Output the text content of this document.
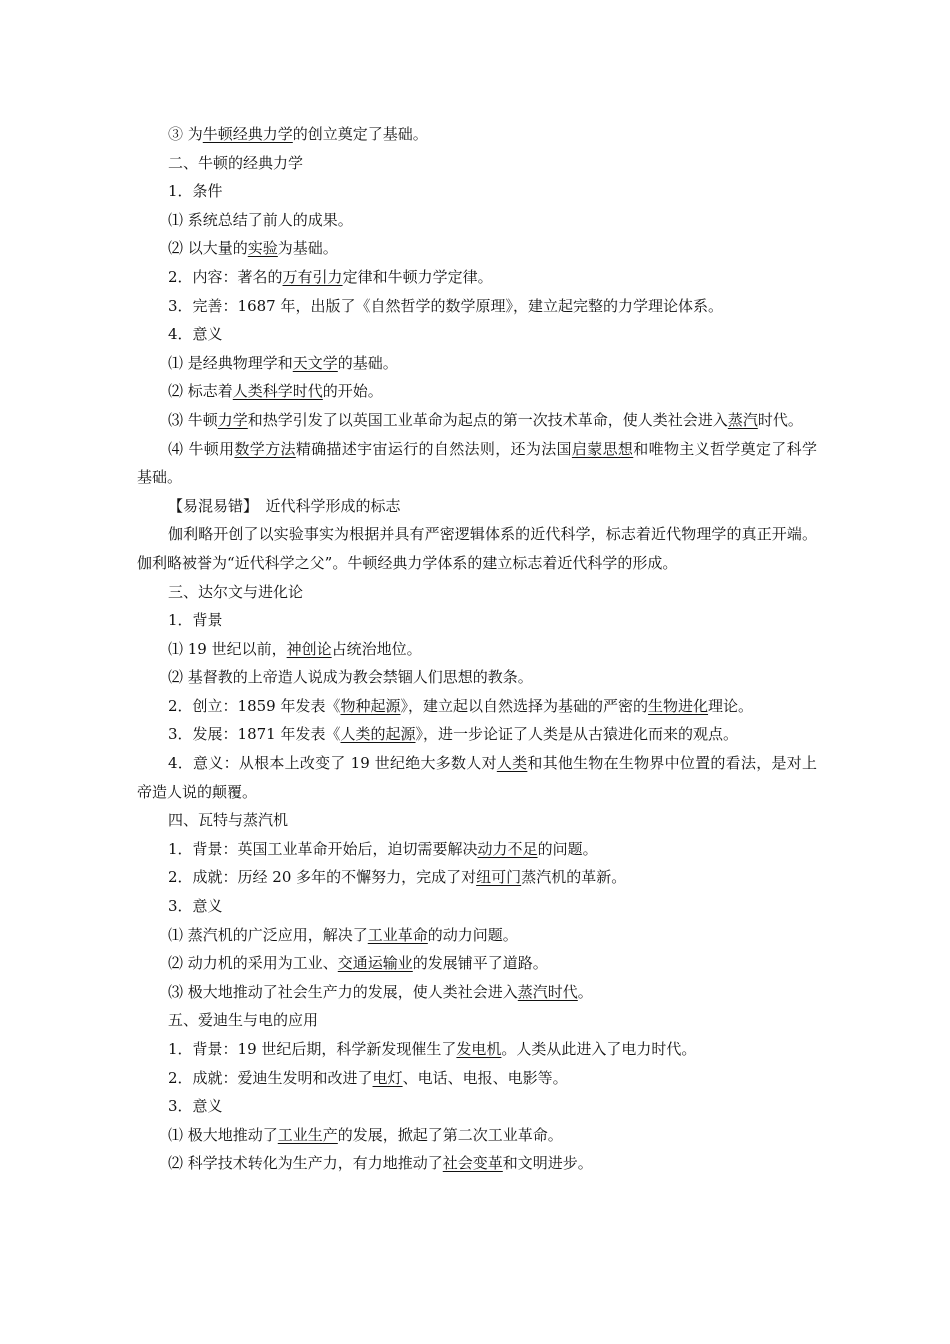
③ 为牛顿经典力学的创立奠定了基础。

二、牛顿的经典力学

1．条件

⑴ 系统总结了前人的成果。

⑵ 以大量的实验为基础。

2．内容：著名的万有引力定律和牛顿力学定律。

3．完善：1687 年，出版了《自然哲学的数学原理》，建立起完整的力学理论体系。

4．意义

⑴ 是经典物理学和天文学的基础。

⑵ 标志着人类科学时代的开始。

⑶ 牛顿力学和热学引发了以英国工业革命为起点的第一次技术革命，使人类社会进入蒸汽时代。

⑷ 牛顿用数学方法精确描述宇宙运行的自然法则，还为法国启蒙思想和唯物主义哲学奠定了科学基础。

【易混易错】　近代科学形成的标志

伽利略开创了以实验事实为根据并具有严密逻辑体系的近代科学，标志着近代物理学的真正开端。伽利略被誉为“近代科学之父”。牛顿经典力学体系的建立标志着近代科学的形成。

三、达尔文与进化论

1．背景

⑴ 19 世纪以前，神创论占统治地位。

⑵ 基督教的上帝造人说成为教会禁锢人们思想的教条。

2．创立：1859 年发表《物种起源》，建立起以自然选择为基础的严密的生物进化理论。

3．发展：1871 年发表《人类的起源》，进一步论证了人类是从古猿进化而来的观点。

4．意义：从根本上改变了 19 世纪绝大多数人对人类和其他生物在生物界中位置的看法，是对上帝造人说的颠覆。

四、瓦特与蒸汽机

1．背景：英国工业革命开始后，迫切需要解决动力不足的问题。

2．成就：历经 20 多年的不懈努力，完成了对纽可门蒸汽机的革新。

3．意义

⑴ 蒸汽机的广泛应用，解决了工业革命的动力问题。

⑵ 动力机的采用为工业、交通运输业的发展铺平了道路。

⑶ 极大地推动了社会生产力的发展，使人类社会进入蒸汽时代。

五、爱迪生与电的应用

1．背景：19 世纪后期，科学新发现催生了发电机。人类从此进入了电力时代。

2．成就：爱迪生发明和改进了电灯、电话、电报、电影等。

3．意义

⑴ 极大地推动了工业生产的发展，掀起了第二次工业革命。

⑵ 科学技术转化为生产力，有力地推动了社会变革和文明进步。
